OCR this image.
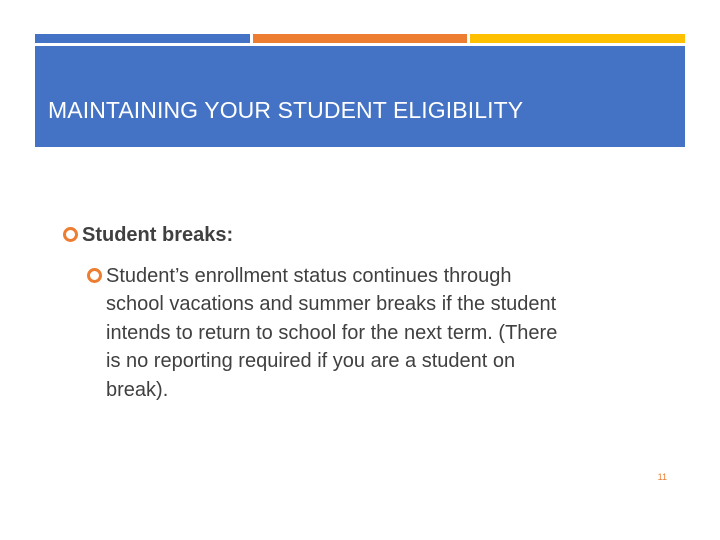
MAINTAINING YOUR STUDENT ELIGIBILITY
Student breaks:
Student’s enrollment status continues through
school vacations and summer breaks if the student
intends to return to school for the next term. (There
is no reporting required if you are a student on
break).
11
